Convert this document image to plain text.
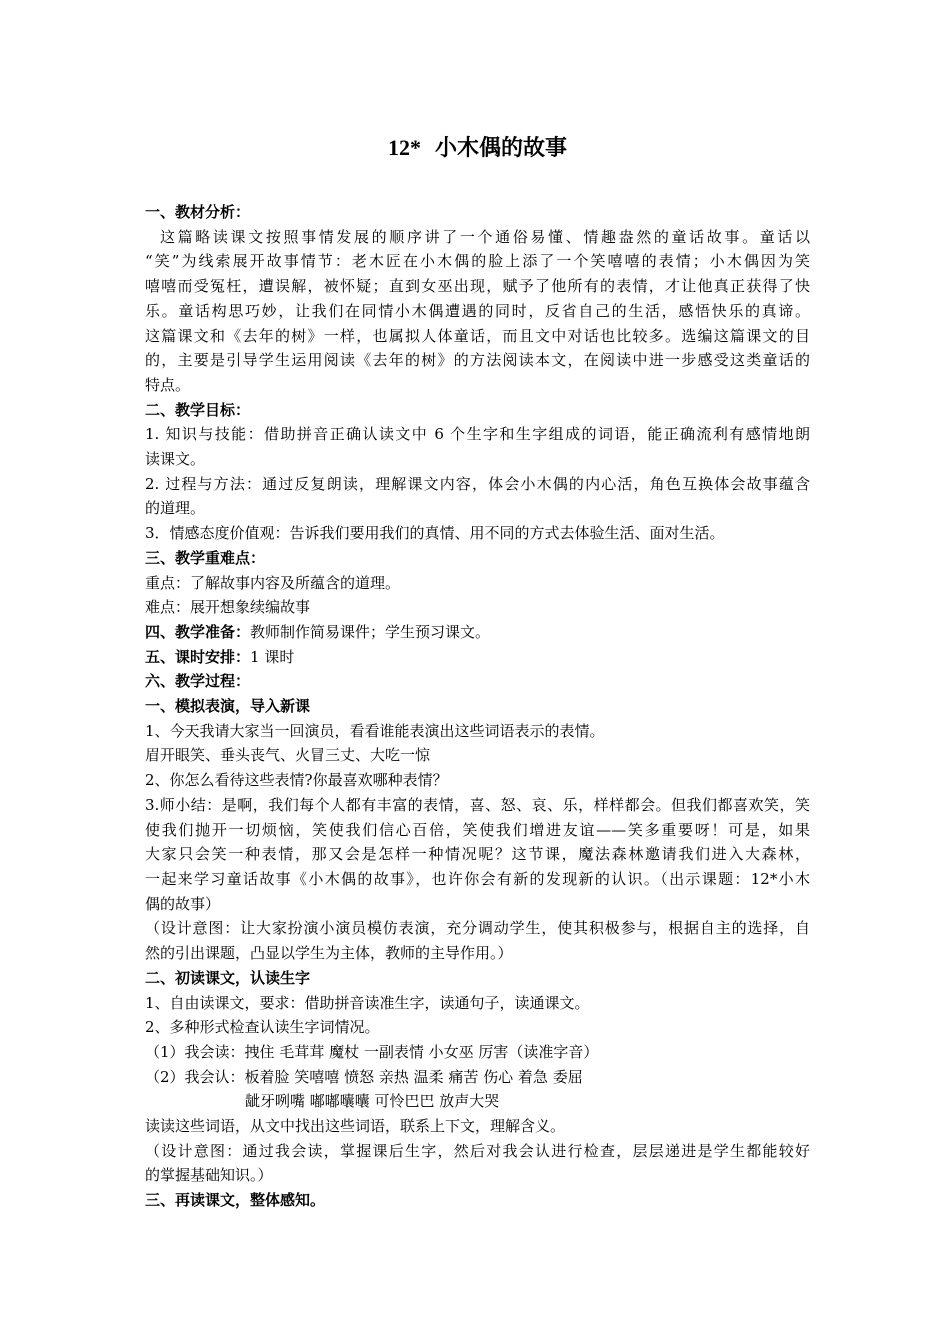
12* 小木偶的故事
一、教材分析：
这篇略读课文按照事情发展的顺序讲了一个通俗易懂、情趣盎然的童话故事。童话以
“笑”为线索展开故事情节：老木匠在小木偶的脸上添了一个笑嘻嘻的表情；小木偶因为笑
嘻嘻而受冤枉，遭误解，被怀疑；直到女巫出现，赋予了他所有的表情，才让他真正获得了快
乐。童话构思巧妙，让我们在同情小木偶遭遇的同时，反省自己的生活，感悟快乐的真谛。
这篇课文和《去年的树》一样，也属拟人体童话，而且文中对话也比较多。选编这篇课文的目
的，主要是引导学生运用阅读《去年的树》的方法阅读本文，在阅读中进一步感受这类童话的
特点。
二、教学目标：
1. 知识与技能：借助拼音正确认读文中 6 个生字和生字组成的词语，能正确流利有感情地朗
读课文。
2. 过程与方法：通过反复朗读，理解课文内容，体会小木偶的内心活，角色互换体会故事蕴含
的道理。
3．情感态度价值观：告诉我们要用我们的真情、用不同的方式去体验生活、面对生活。
三、教学重难点：
重点：了解故事内容及所蕴含的道理。
难点：展开想象续编故事
四、教学准备：教师制作简易课件；学生预习课文。
五、课时安排：1 课时
六、教学过程：
一、模拟表演，导入新课
1、今天我请大家当一回演员，看看谁能表演出这些词语表示的表情。
眉开眼笑、垂头丧气、火冒三丈、大吃一惊
2、你怎么看待这些表情?你最喜欢哪种表情？
3.师小结：是啊，我们每个人都有丰富的表情，喜、怒、哀、乐，样样都会。但我们都喜欢笑，笑
使我们抛开一切烦恼，笑使我们信心百倍，笑使我们增进友谊——笑多重要呀！可是，如果
大家只会笑一种表情，那又会是怎样一种情况呢？这节课，魔法森林邀请我们进入大森林，
一起来学习童话故事《小木偶的故事》，也许你会有新的发现新的认识。（出示课题：12*小木
偶的故事）
（设计意图：让大家扮演小演员模仿表演，充分调动学生，使其积极参与，根据自主的选择，自
然的引出课题，凸显以学生为主体，教师的主导作用。）
二、初读课文，认读生字
1、自由读课文，要求：借助拼音读准生字，读通句子，读通课文。
2、多种形式检查认读生字词情况。
（1）我会读：拽住 毛茸茸 魔杖 一副表情 小女巫 厉害（读准字音）
（2）我会认：板着脸 笑嘻嘻 愤怒 亲热 温柔 痛苦 伤心 着急 委屈
龇牙咧嘴 嘟嘟囔囔 可怜巴巴 放声大哭
读读这些词语，从文中找出这些词语，联系上下文，理解含义。
（设计意图：通过我会读，掌握课后生字，然后对我会认进行检查，层层递进是学生都能较好
的掌握基础知识。）
三、再读课文，整体感知。
